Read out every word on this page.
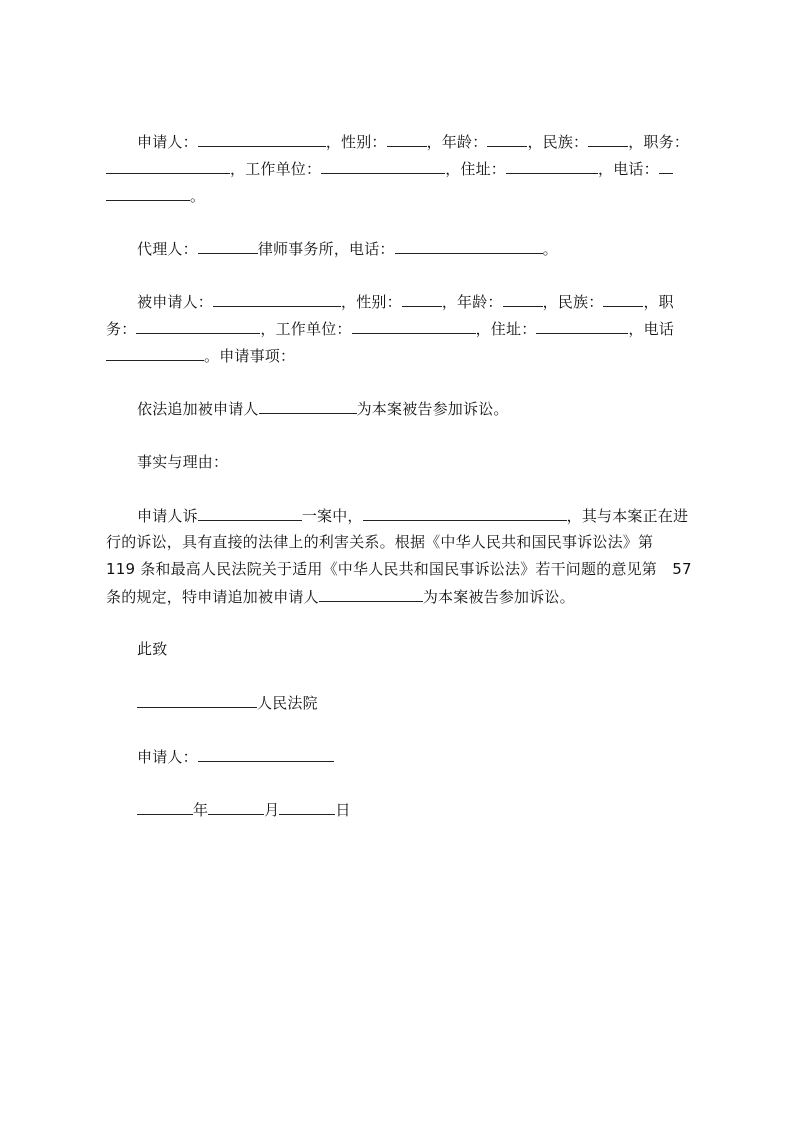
申请人：	，性别：	，年龄：	，民族：	，职务：
，工作单位：	，住址：	，电话：
。
代理人：	律师事务所，电话：	。
被申请人：	，性别：	，年龄：	，民族：	，职
务：	，工作单位：	，住址：	，电话
。申请事项：
依法追加被申请人	为本案被告参加诉讼。
事实与理由：
申请人诉	一案中，	，其与本案正在进
行的诉讼，具有直接的法律上的利害关系。根据《中华人民共和国民事诉讼法》第
119 条和最高人民法院关于适用《中华人民共和国民事诉讼法》若干问题的意见第　57
条的规定，特申请追加被申请人	为本案被告参加诉讼。
此致
人民法院
申请人：
年	月	日
